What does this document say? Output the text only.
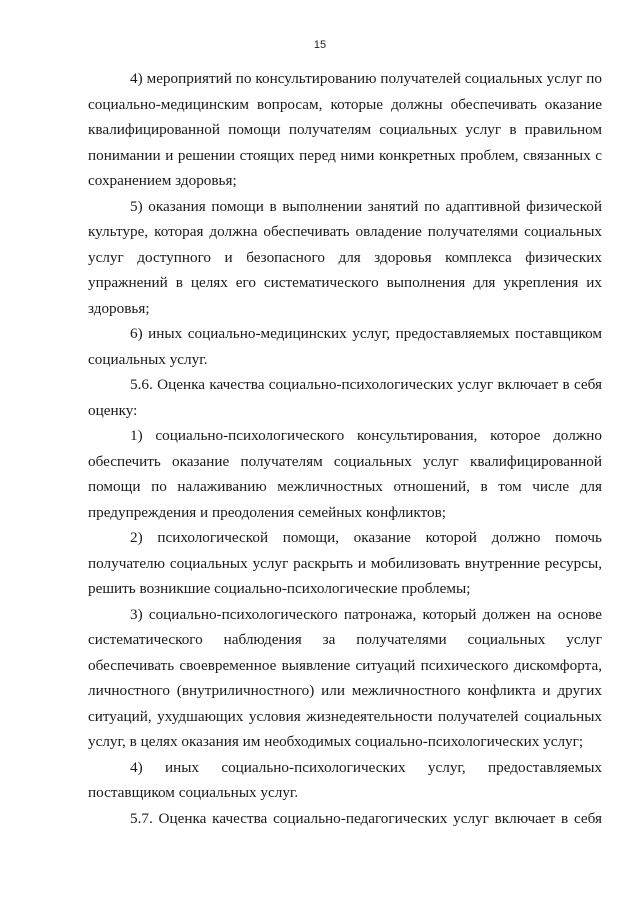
15

4) мероприятий по консультированию получателей социальных услуг по социально-медицинским вопросам, которые должны обеспечивать оказание квалифицированной помощи получателям социальных услуг в правильном понимании и решении стоящих перед ними конкретных проблем, связанных с сохранением здоровья;

5) оказания помощи в выполнении занятий по адаптивной физической культуре, которая должна обеспечивать овладение получателями социальных услуг доступного и безопасного для здоровья комплекса физических упражнений в целях его систематического выполнения для укрепления их здоровья;

6) иных социально-медицинских услуг, предоставляемых поставщиком социальных услуг.

5.6. Оценка качества социально-психологических услуг включает в себя оценку:

1) социально-психологического консультирования, которое должно обеспечить оказание получателям социальных услуг квалифицированной помощи по налаживанию межличностных отношений, в том числе для предупреждения и преодоления семейных конфликтов;

2) психологической помощи, оказание которой должно помочь получателю социальных услуг раскрыть и мобилизовать внутренние ресурсы, решить возникшие социально-психологические проблемы;

3) социально-психологического патронажа, который должен на основе систематического наблюдения за получателями социальных услуг обеспечивать своевременное выявление ситуаций психического дискомфорта, личностного (внутриличностного) или межличностного конфликта и других ситуаций, ухудшающих условия жизнедеятельности получателей социальных услуг, в целях оказания им необходимых социально-психологических услуг;

4) иных социально-психологических услуг, предоставляемых поставщиком социальных услуг.

5.7. Оценка качества социально-педагогических услуг включает в себя
